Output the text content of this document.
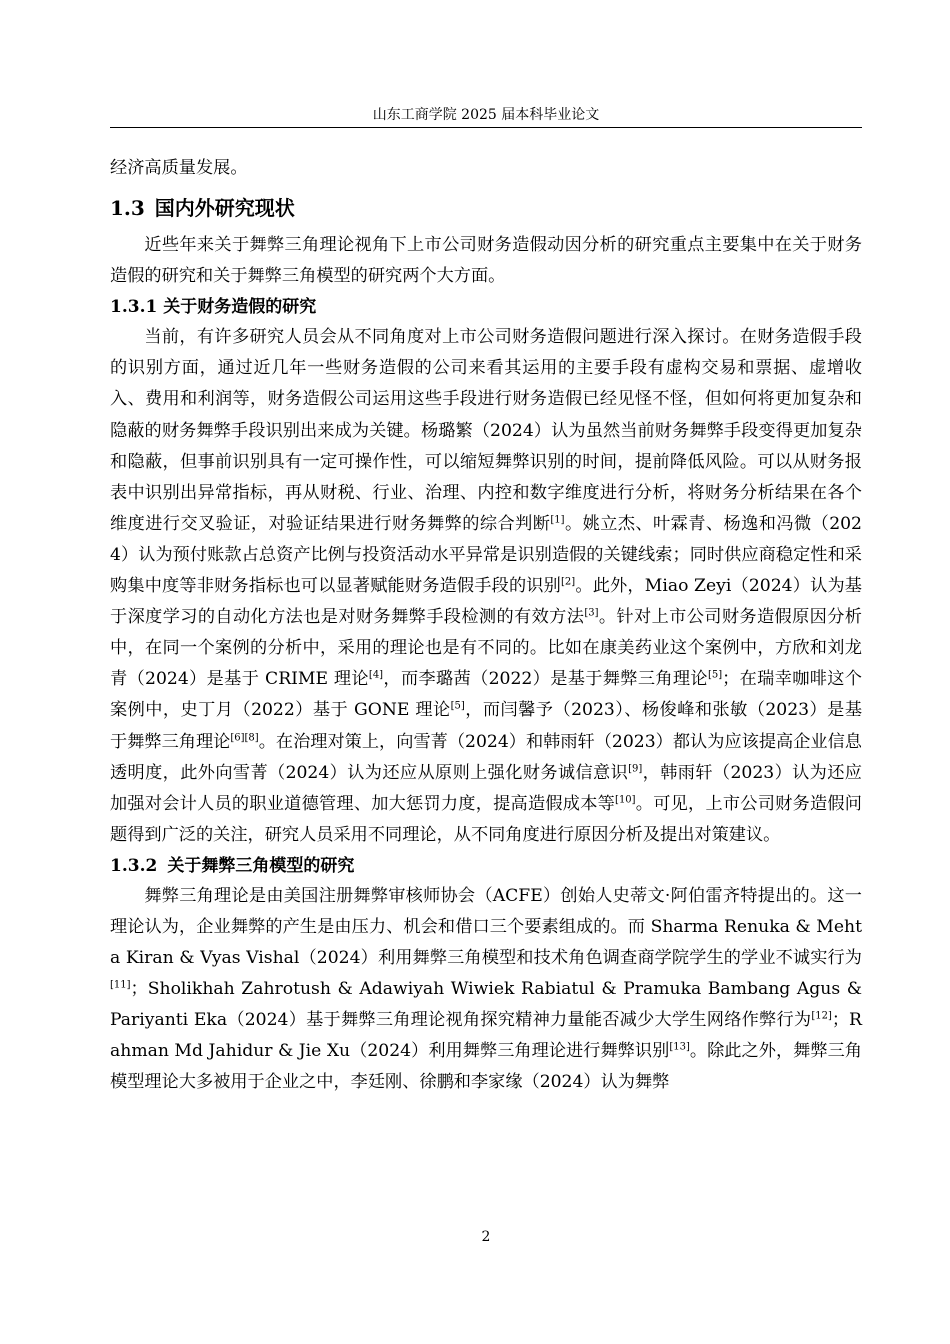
山东工商学院 2025 届本科毕业论文

经济高质量发展。

1.3 国内外研究现状

近些年来关于舞弊三角理论视角下上市公司财务造假动因分析的研究重点主要集中在关于财务造假的研究和关于舞弊三角模型的研究两个大方面。

1.3.1 关于财务造假的研究

当前，有许多研究人员会从不同角度对上市公司财务造假问题进行深入探讨。在财务造假手段的识别方面，通过近几年一些财务造假的公司来看其运用的主要手段有虚构交易和票据、虚增收入、费用和利润等，财务造假公司运用这些手段进行财务造假已经见怪不怪，但如何将更加复杂和隐蔽的财务舞弊手段识别出来成为关键。杨璐繁（2024）认为虽然当前财务舞弊手段变得更加复杂和隐蔽，但事前识别具有一定可操作性，可以缩短舞弊识别的时间，提前降低风险。可以从财务报表中识别出异常指标，再从财税、行业、治理、内控和数字维度进行分析，将财务分析结果在各个维度进行交叉验证，对验证结果进行财务舞弊的综合判断[1]。姚立杰、叶霖青、杨逸和冯微（2024）认为预付账款占总资产比例与投资活动水平异常是识别造假的关键线索；同时供应商稳定性和采购集中度等非财务指标也可以显著赋能财务造假手段的识别[2]。此外，Miao Zeyi（2024）认为基于深度学习的自动化方法也是对财务舞弊手段检测的有效方法[3]。针对上市公司财务造假原因分析中，在同一个案例的分析中，采用的理论也是有不同的。比如在康美药业这个案例中，方欣和刘龙青（2024）是基于 CRIME 理论[4]，而李璐茜（2022）是基于舞弊三角理论[5]；在瑞幸咖啡这个案例中，史丁月（2022）基于 GONE 理论[5]，而闫馨予（2023）、杨俊峰和张敏（2023）是基于舞弊三角理论[6][8]。在治理对策上，向雪菁（2024）和韩雨轩（2023）都认为应该提高企业信息透明度，此外向雪菁（2024）认为还应从原则上强化财务诚信意识[9]，韩雨轩（2023）认为还应加强对会计人员的职业道德管理、加大惩罚力度，提高造假成本等[10]。可见，上市公司财务造假问题得到广泛的关注，研究人员采用不同理论，从不同角度进行原因分析及提出对策建议。

1.3.2 关于舞弊三角模型的研究

舞弊三角理论是由美国注册舞弊审核师协会（ACFE）创始人史蒂文·阿伯雷齐特提出的。这一理论认为，企业舞弊的产生是由压力、机会和借口三个要素组成的。而 Sharma Renuka & Mehta Kiran & Vyas Vishal（2024）利用舞弊三角模型和技术角色调查商学院学生的学业不诚实行为[11]；Sholikhah Zahrotush & Adawiyah Wiwiek Rabiatul & Pramuka Bambang Agus & Pariyanti Eka（2024）基于舞弊三角理论视角探究精神力量能否减少大学生网络作弊行为[12]；Rahman Md Jahidur & Jie Xu（2024）利用舞弊三角理论进行舞弊识别[13]。除此之外，舞弊三角模型理论大多被用于企业之中，李廷刚、徐鹏和李家缘（2024）认为舞弊

2
